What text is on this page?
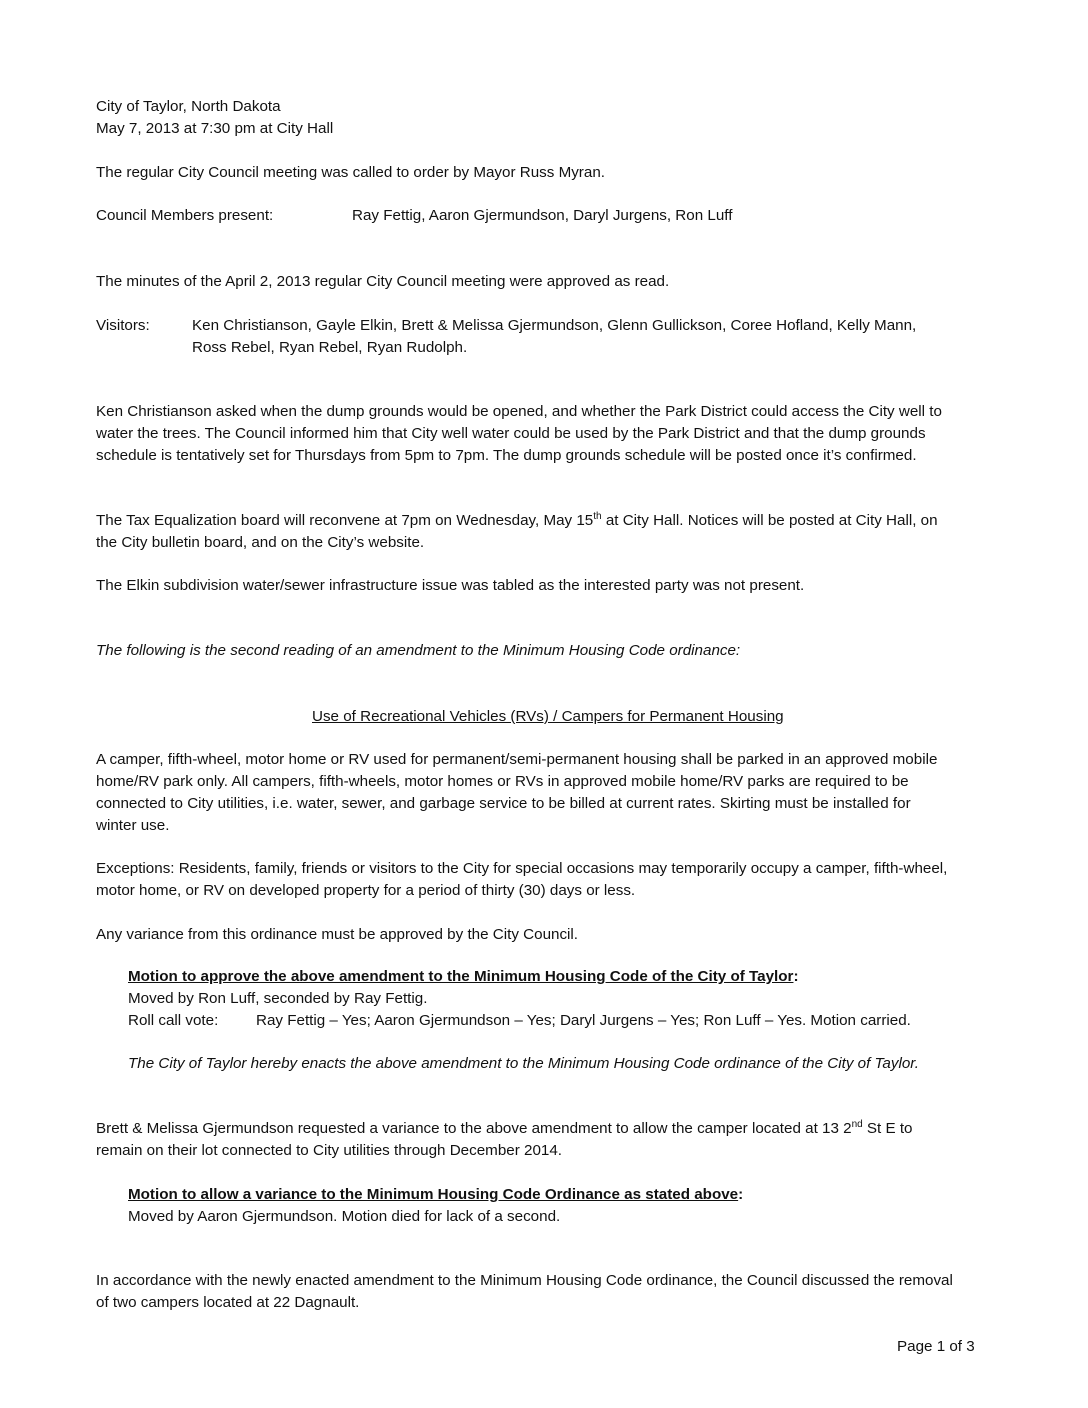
City of Taylor, North Dakota
May 7, 2013 at 7:30 pm at City Hall
The regular City Council meeting was called to order by Mayor Russ Myran.
Council Members present:	Ray Fettig, Aaron Gjermundson, Daryl Jurgens, Ron Luff
The minutes of the April 2, 2013 regular City Council meeting were approved as read.
Visitors:	Ken Christianson, Gayle Elkin, Brett & Melissa Gjermundson, Glenn Gullickson, Coree Hofland, Kelly Mann,
Ross Rebel, Ryan Rebel, Ryan Rudolph.
Ken Christianson asked when the dump grounds would be opened, and whether the Park District could access the City well to
water the trees. The Council informed him that City well water could be used by the Park District and that the dump grounds
schedule is tentatively set for Thursdays from 5pm to 7pm. The dump grounds schedule will be posted once it’s confirmed.
The Tax Equalization board will reconvene at 7pm on Wednesday, May 15th at City Hall. Notices will be posted at City Hall, on
the City bulletin board, and on the City’s website.
The Elkin subdivision water/sewer infrastructure issue was tabled as the interested party was not present.
The following is the second reading of an amendment to the Minimum Housing Code ordinance:
Use of Recreational Vehicles (RVs) / Campers for Permanent Housing
A camper, fifth-wheel, motor home or RV used for permanent/semi-permanent housing shall be parked in an approved mobile
home/RV park only. All campers, fifth-wheels, motor homes or RVs in approved mobile home/RV parks are required to be
connected to City utilities, i.e. water, sewer, and garbage service to be billed at current rates. Skirting must be installed for
winter use.
Exceptions: Residents, family, friends or visitors to the City for special occasions may temporarily occupy a camper, fifth-wheel,
motor home, or RV on developed property for a period of thirty (30) days or less.
Any variance from this ordinance must be approved by the City Council.
Motion to approve the above amendment to the Minimum Housing Code of the City of Taylor:
Moved by Ron Luff, seconded by Ray Fettig.
Roll call vote: Ray Fettig – Yes; Aaron Gjermundson – Yes; Daryl Jurgens – Yes; Ron Luff – Yes. Motion carried.
The City of Taylor hereby enacts the above amendment to the Minimum Housing Code ordinance of the City of Taylor.
Brett & Melissa Gjermundson requested a variance to the above amendment to allow the camper located at 13 2nd St E to
remain on their lot connected to City utilities through December 2014.
Motion to allow a variance to the Minimum Housing Code Ordinance as stated above:
Moved by Aaron Gjermundson. Motion died for lack of a second.
In accordance with the newly enacted amendment to the Minimum Housing Code ordinance, the Council discussed the removal
of two campers located at 22 Dagnault.
Page 1 of 3
